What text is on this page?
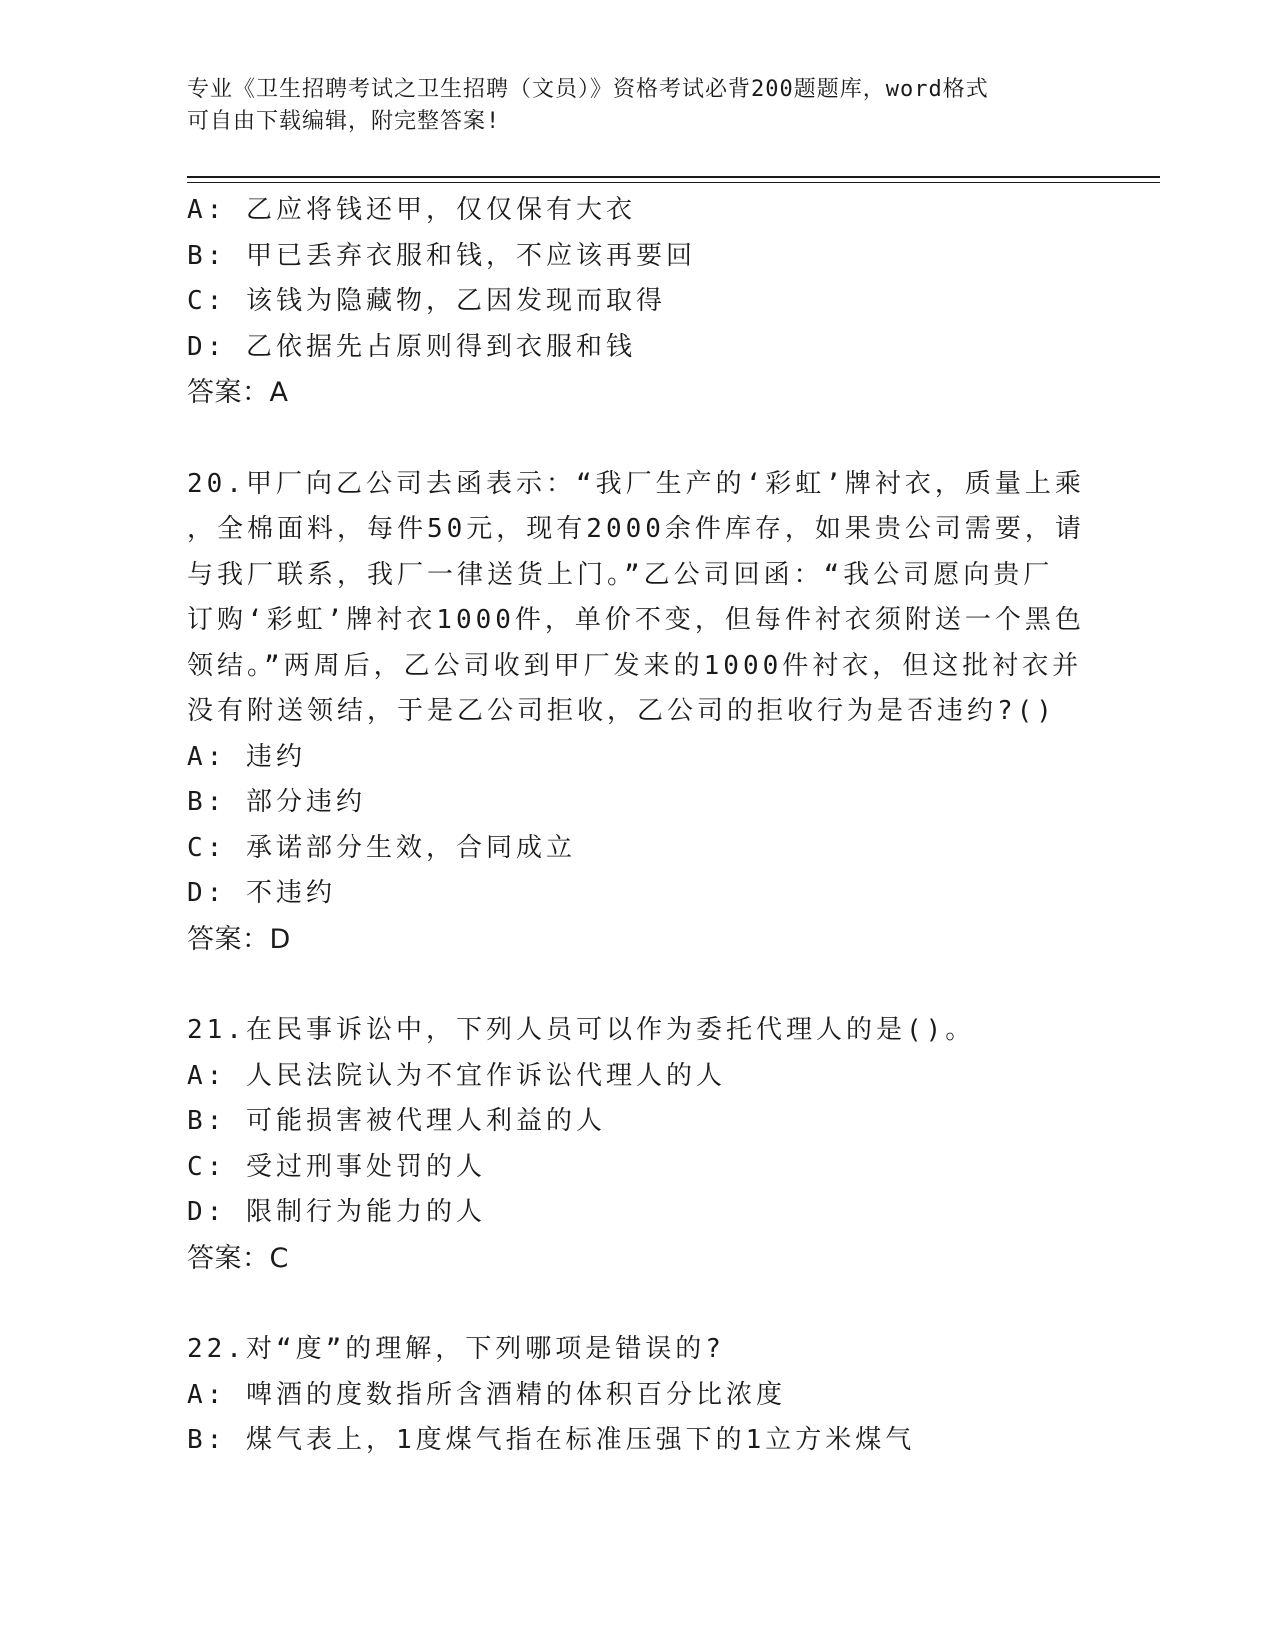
专业《卫生招聘考试之卫生招聘（文员）》资格考试必背200题题库，word格式
可自由下载编辑，附完整答案!
A: 乙应将钱还甲，仅仅保有大衣
B: 甲已丢弃衣服和钱，不应该再要回
C: 该钱为隐藏物，乙因发现而取得
D: 乙依据先占原则得到衣服和钱
答案：A
20.甲厂向乙公司去函表示：“我厂生产的‘彩虹’牌衬衣，质量上乘
，全棉面料，每件50元，现有2000余件库存，如果贵公司需要，请
与我厂联系，我厂一律送货上门。”乙公司回函：“我公司愿向贵厂
订购‘彩虹’牌衬衣1000件，单价不变，但每件衬衣须附送一个黑色
领结。”两周后，乙公司收到甲厂发来的1000件衬衣，但这批衬衣并
没有附送领结，于是乙公司拒收，乙公司的拒收行为是否违约?()
A: 违约
B: 部分违约
C: 承诺部分生效，合同成立
D: 不违约
答案：D
21.在民事诉讼中，下列人员可以作为委托代理人的是()。
A: 人民法院认为不宜作诉讼代理人的人
B: 可能损害被代理人利益的人
C: 受过刑事处罚的人
D: 限制行为能力的人
答案：C
22.对“度”的理解，下列哪项是错误的?
A: 啤酒的度数指所含酒精的体积百分比浓度
B: 煤气表上，1度煤气指在标准压强下的1立方米煤气
